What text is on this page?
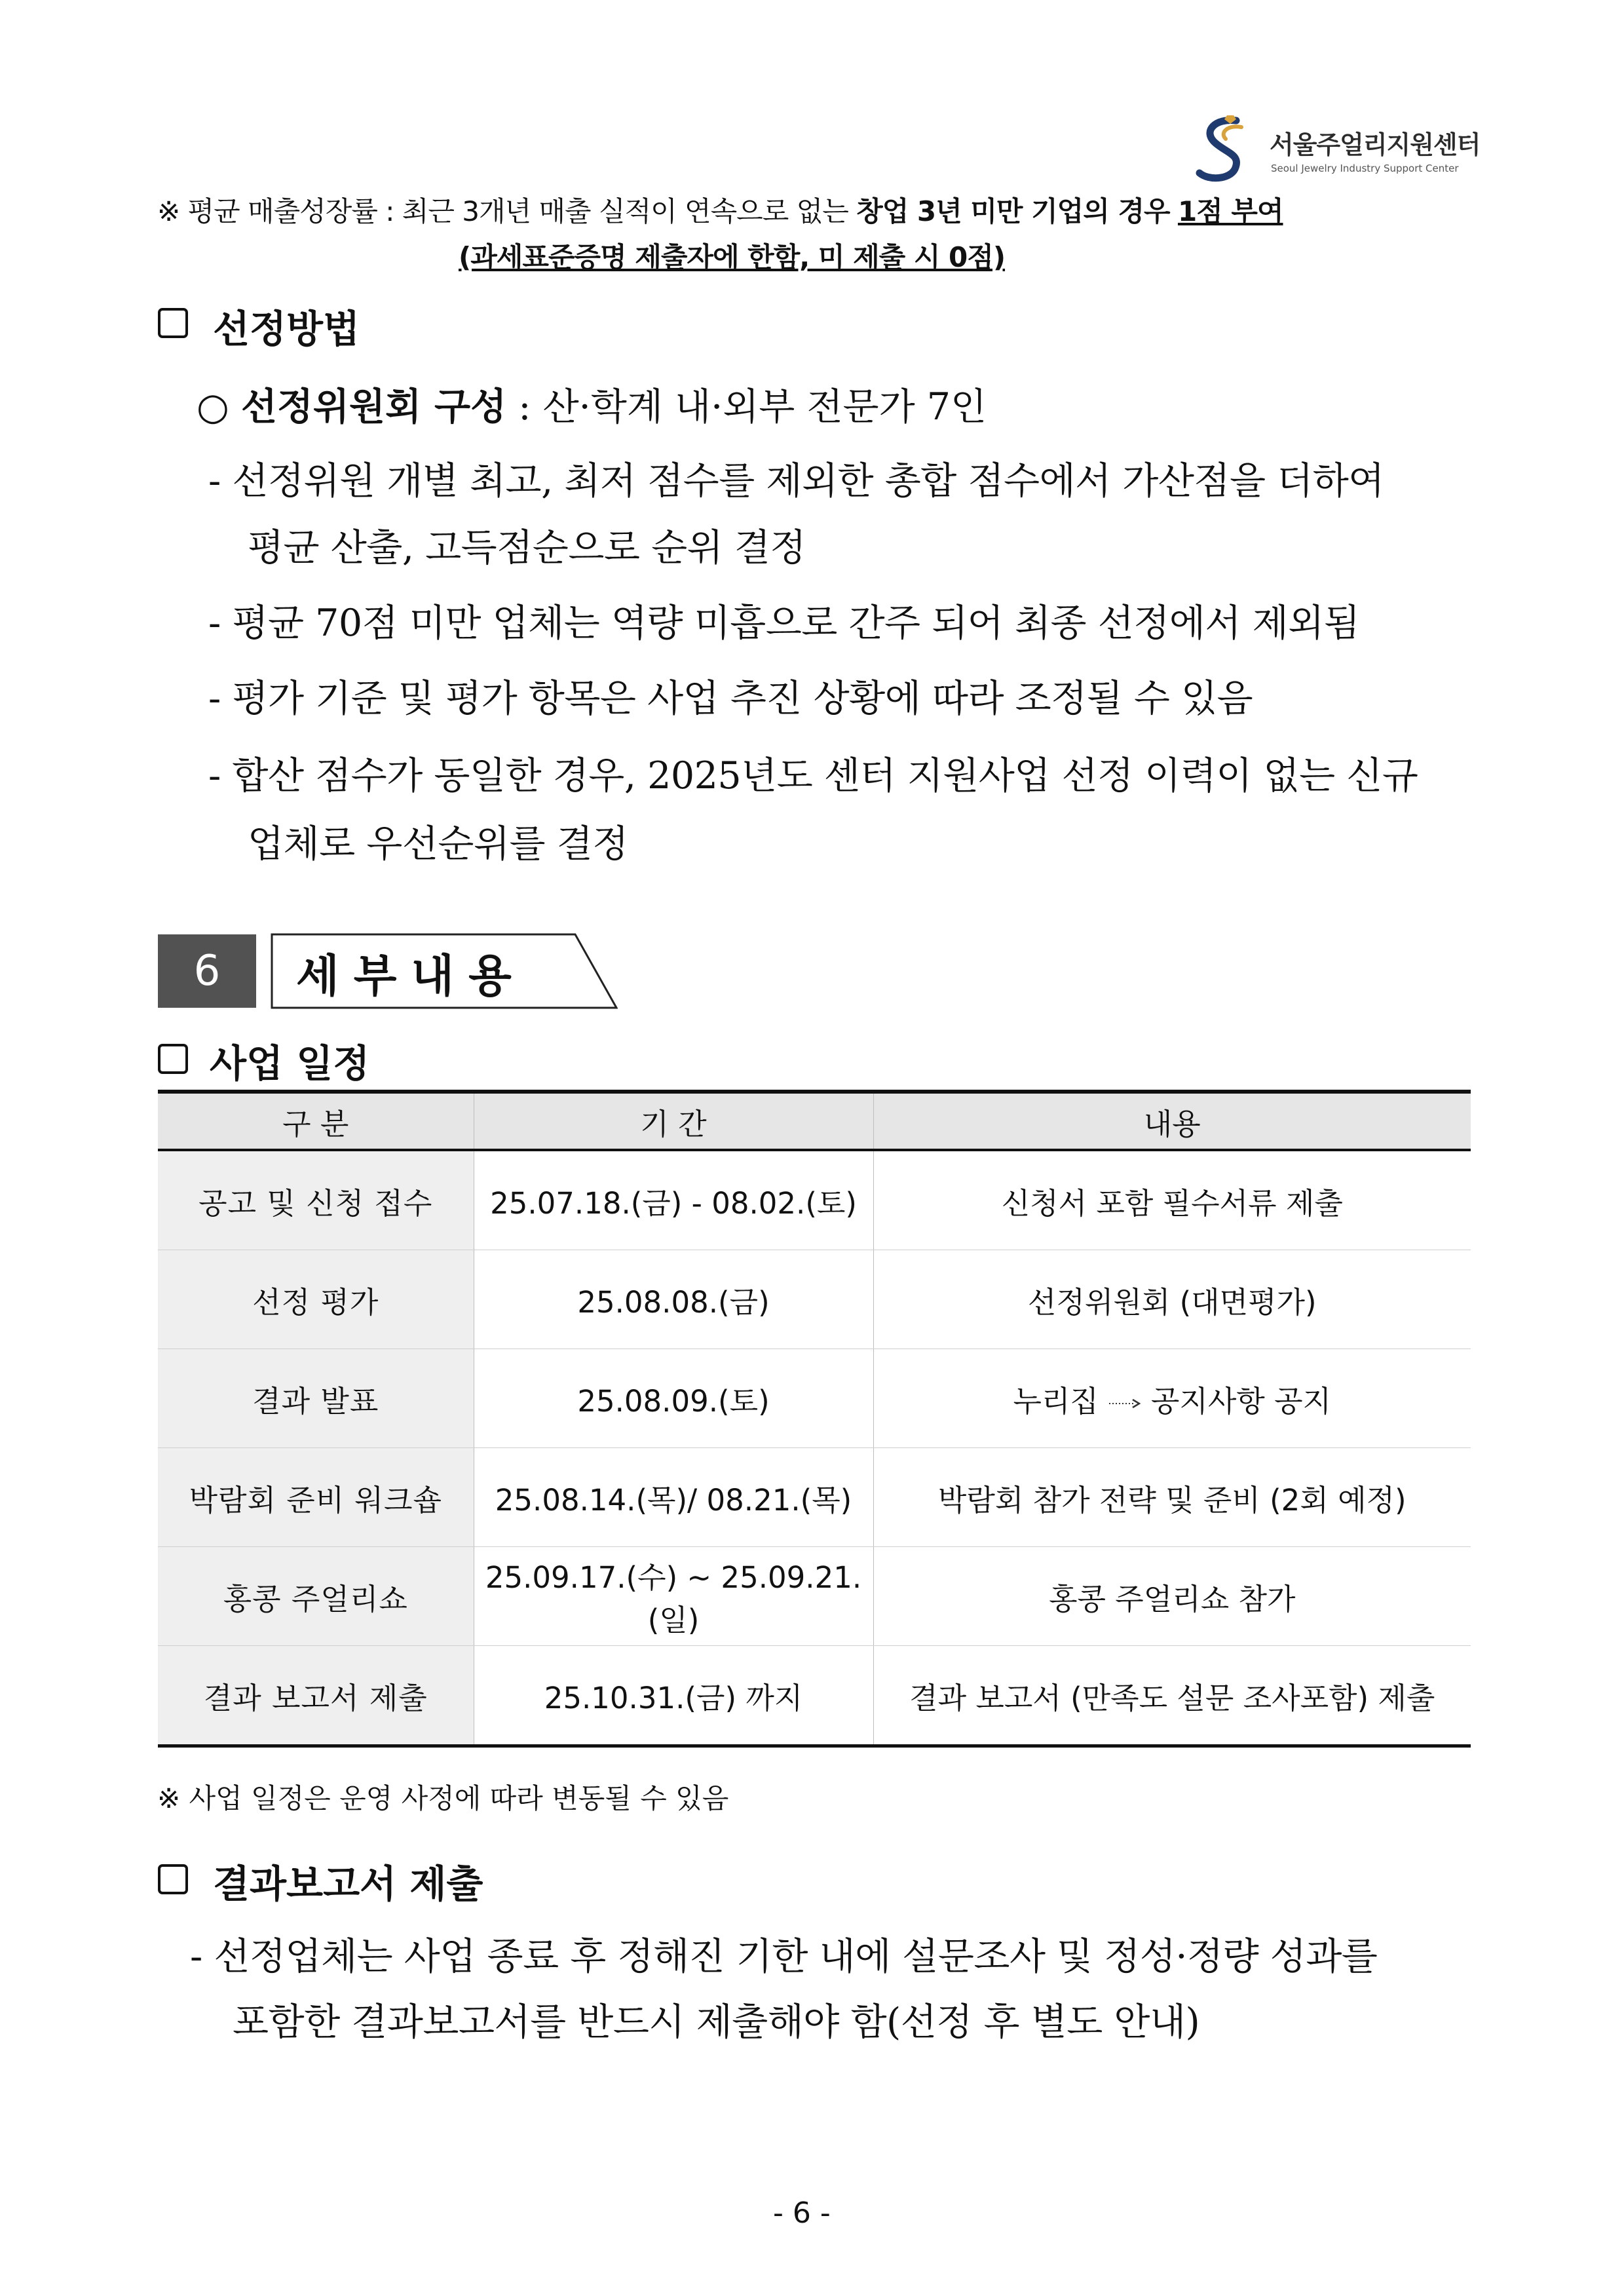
서울주얼리지원센터
Seoul Jewelry Industry Support Center
※ 평균 매출성장률 : 최근 3개년 매출 실적이 연속으로 없는 창업 3년 미만 기업의 경우 1점 부여
(과세표준증명 제출자에 한함, 미 제출 시 0점)
선정방법
○ 선정위원회 구성 : 산·학계 내·외부 전문가 7인
- 선정위원 개별 최고, 최저 점수를 제외한 총합 점수에서 가산점을 더하여
평균 산출, 고득점순으로 순위 결정
- 평균 70점 미만 업체는 역량 미흡으로 간주 되어 최종 선정에서 제외됨
- 평가 기준 및 평가 항목은 사업 추진 상황에 따라 조정될 수 있음
- 합산 점수가 동일한 경우, 2025년도 센터 지원사업 선정 이력이 없는 신규
업체로 우선순위를 결정
6	세부내용
사업 일정
구 분	기 간	내용
공고 및 신청 접수	25.07.18.(금) - 08.02.(토)	신청서 포함 필수서류 제출
선정 평가	25.08.08.(금)	선정위원회 (대면평가)
결과 발표	25.08.09.(토)	누리집 공지사항 공지
박람회 준비 워크숍	25.08.14.(목)/ 08.21.(목)	박람회 참가 전략 및 준비 (2회 예정)
홍콩 주얼리쇼	25.09.17.(수) ~ 25.09.21.(일)	홍콩 주얼리쇼 참가
결과 보고서 제출	25.10.31.(금) 까지	결과 보고서 (만족도 설문 조사포함) 제출
※ 사업 일정은 운영 사정에 따라 변동될 수 있음
결과보고서 제출
- 선정업체는 사업 종료 후 정해진 기한 내에 설문조사 및 정성·정량 성과를
포함한 결과보고서를 반드시 제출해야 함(선정 후 별도 안내)
- 6 -
